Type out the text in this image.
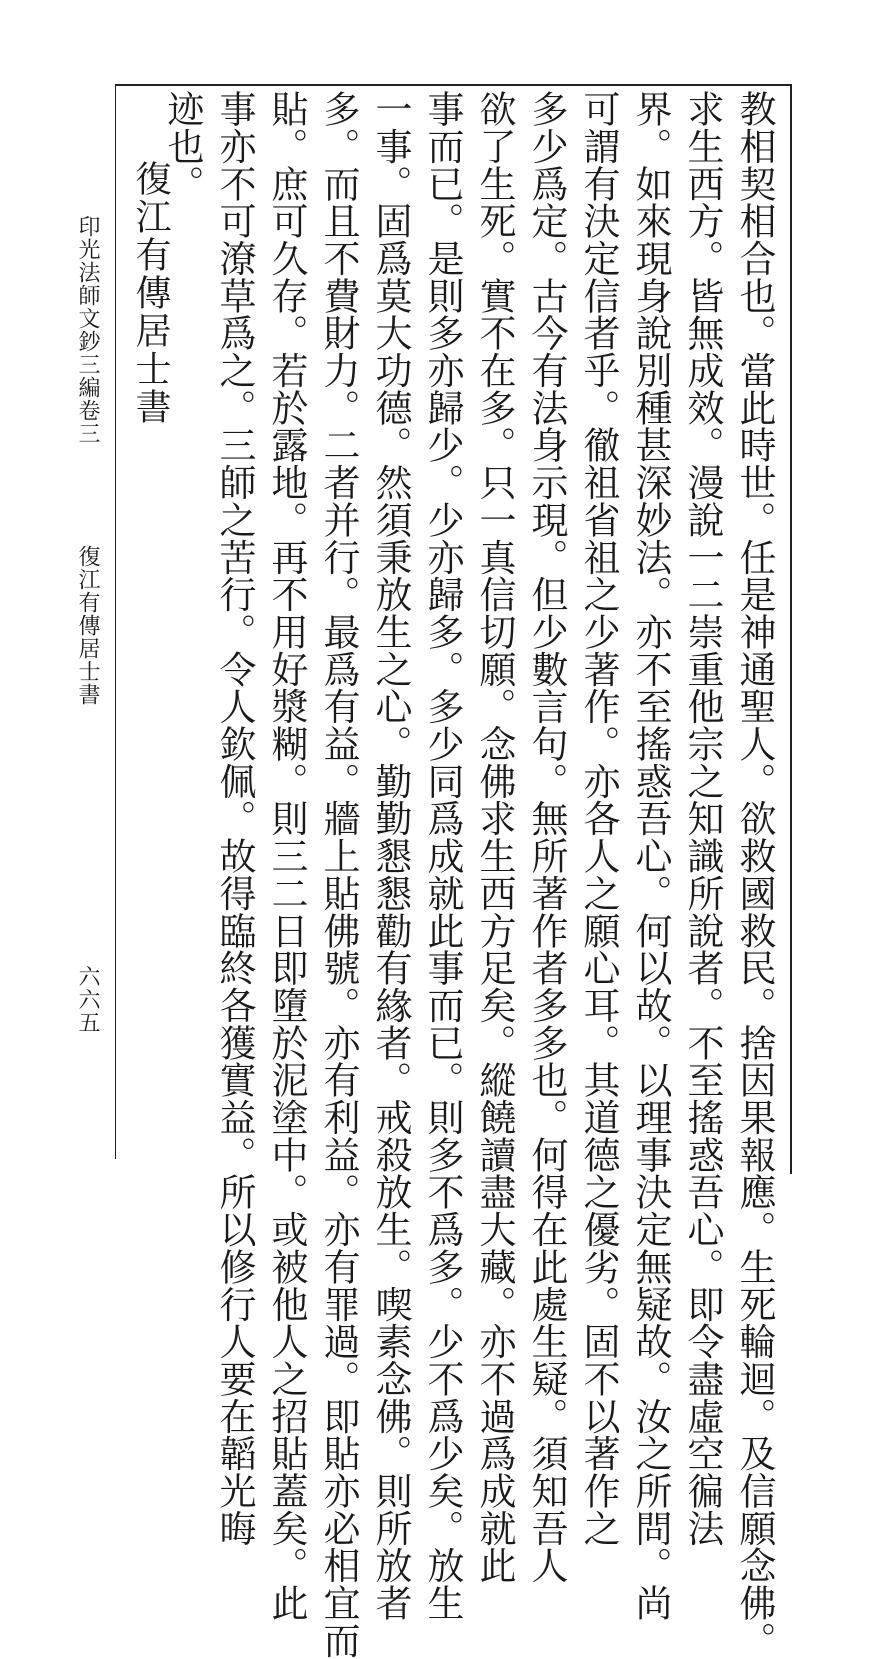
印光法師文鈔三編卷三
復江有傳居士書
六六五	教相契相合也。當此時世。任是神通聖人。欲救國救民。捨因果報應。生死輪迴。及信願念佛。
求生西方。皆無成效。漫說一二崇重他宗之知識所說者。不至搖惑吾心。即令盡虛空徧法
界。如來現身說別種甚深妙法。亦不至搖惑吾心。何以故。以理事決定無疑故。汝之所問。尚
可謂有決定信者乎。徹祖省祖之少著作。亦各人之願心耳。其道德之優劣。固不以著作之
多少爲定。古今有法身示現。但少數言句。無所著作者多多也。何得在此處生疑。須知吾人
欲了生死。實不在多。只一真信切願。念佛求生西方足矣。縱饒讀盡大藏。亦不過爲成就此
事而已。是則多亦歸少。少亦歸多。多少同爲成就此事而已。則多不爲多。少不爲少矣。放生
一事。固爲莫大功德。然須秉放生之心。勤勤懇懇勸有緣者。戒殺放生。喫素念佛。則所放者
多。而且不費財力。二者并行。最爲有益。牆上貼佛號。亦有利益。亦有罪過。即貼亦必相宜而
貼。庶可久存。若於露地。再不用好漿糊。則三二日即墮於泥塗中。或被他人之招貼蓋矣。此
事亦不可潦草爲之。三師之苦行。令人欽佩。故得臨終各獲實益。所以修行人要在韜光晦
迹也。
復江有傳居士書
